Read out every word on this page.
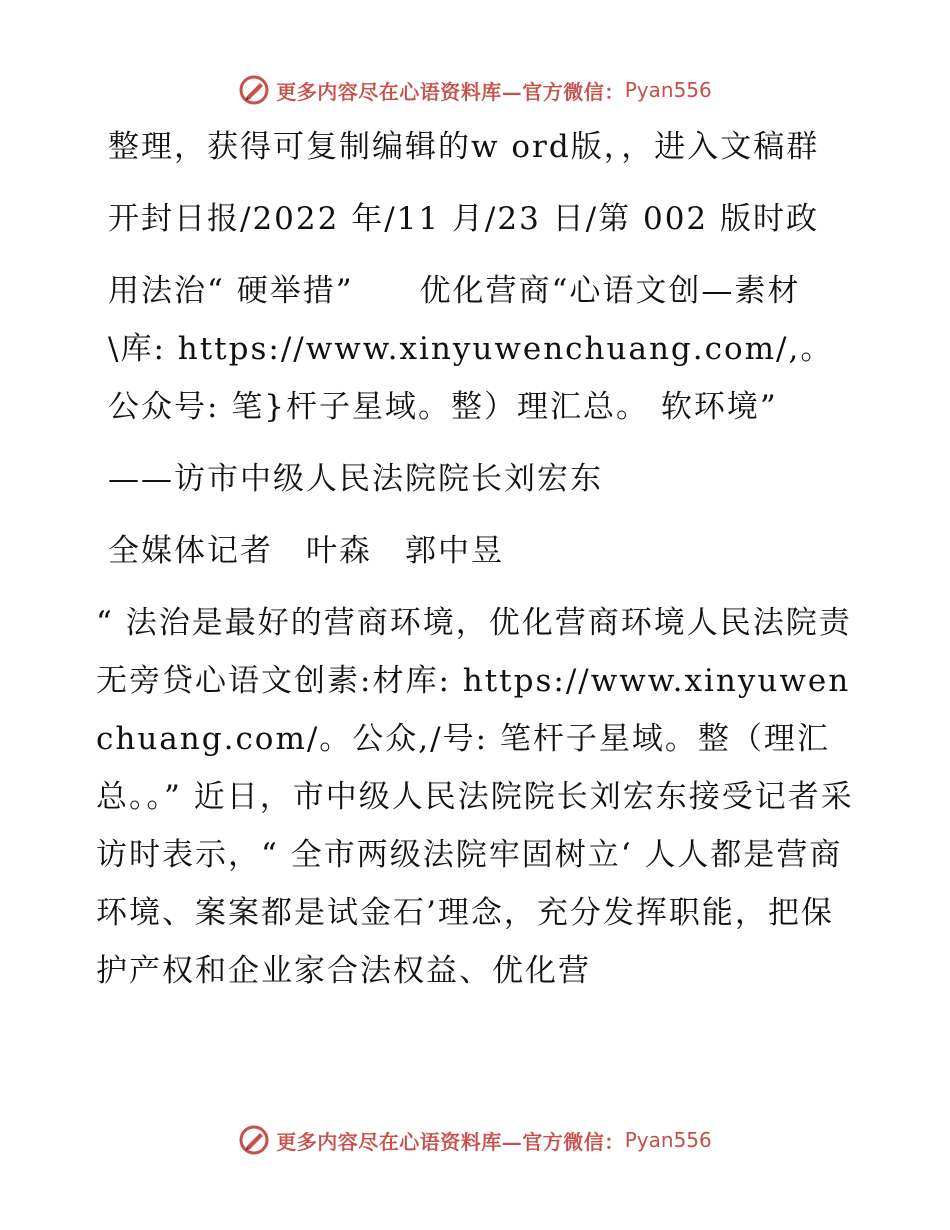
更多内容尽在心语资料库—官方微信： Pyan556

整理，获得可复制编辑的w ord版，，进入文稿群

开封日报/2022 年/11 月/23 日/第 002 版时政

用法治“ 硬举措”　　优化营商“心语文创—素材\库: https://www.xinyuwenchuang.com/,。公众号: 笔}杆子星域。整）理汇总。 软环境”

——访市中级人民法院院长刘宏东

全媒体记者　叶森　郭中昱

“ 法治是最好的营商环境，优化营商环境人民法院责无旁贷心语文创素:材库: https://www.xinyuwenchuang.com/。公众,/号: 笔杆子星域。整（理汇总。。” 近日，市中级人民法院院长刘宏东接受记者采访时表示，“ 全市两级法院牢固树立‘ 人人都是营商环境、案案都是试金石’理念，充分发挥职能，把保护产权和企业家合法权益、优化营

更多内容尽在心语资料库—官方微信： Pyan556
